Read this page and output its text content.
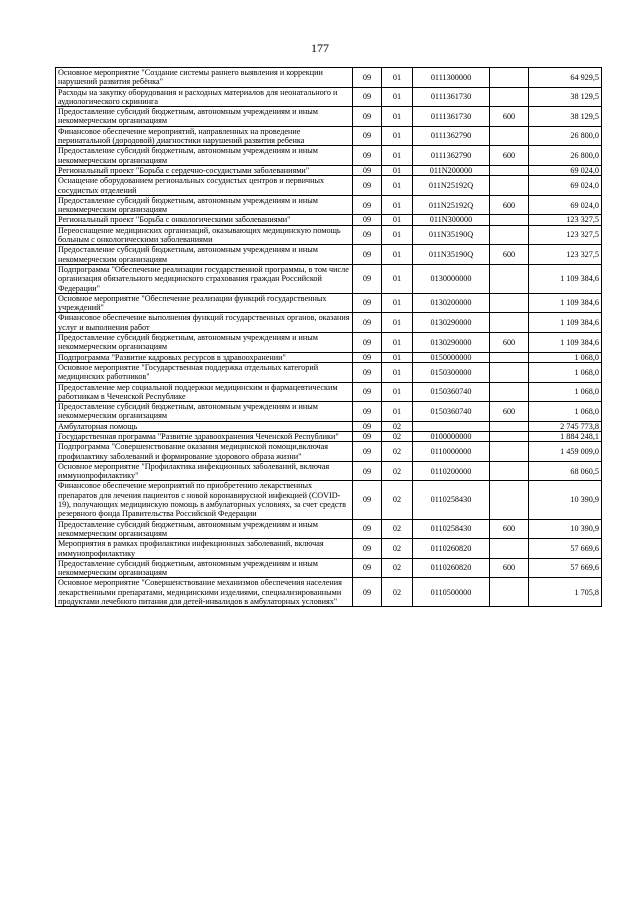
177
Основное мероприятие "Создание системы раннего выявления и коррекции нарушений развития ребёнка"	09	01	0111300000		64 929,5
Расходы на закупку оборудования и расходных материалов для неонатального и аудиологического скрининга	09	01	0111361730		38 129,5
Предоставление субсидий бюджетным, автономным учреждениям и иным некоммерческим организациям	09	01	0111361730	600	38 129,5
Финансовое обеспечение мероприятий, направленных на проведение перинатальной (дородовой) диагностики нарушений развития ребенка	09	01	0111362790		26 800,0
Предоставление субсидий бюджетным, автономным учреждениям и иным некоммерческим организациям	09	01	0111362790	600	26 800,0
Региональный проект "Борьба с сердечно-сосудистыми заболеваниями"	09	01	011N200000		69 024,0
Оснащение оборудованием региональных сосудистых центров и первичных сосудистых отделений	09	01	011N25192Q		69 024,0
Предоставление субсидий бюджетным, автономным учреждениям и иным некоммерческим организациям	09	01	011N25192Q	600	69 024,0
Региональный проект "Борьба с онкологическими заболеваниями"	09	01	011N300000		123 327,5
Переоснащение медицинских организаций, оказывающих медицинскую помощь больным с онкологическими заболеваниями	09	01	011N35190Q		123 327,5
Предоставление субсидий бюджетным, автономным учреждениям и иным некоммерческим организациям	09	01	011N35190Q	600	123 327,5
Подпрограмма "Обеспечение реализации государственной программы, в том числе организация обязательного медицинского страхования граждан Российской Федерации"	09	01	0130000000		1 109 384,6
Основное мероприятие "Обеспечение реализации функций государственных учреждений"	09	01	0130200000		1 109 384,6
Финансовое обеспечение выполнения функций государственных органов, оказания услуг и выполнения работ	09	01	0130290000		1 109 384,6
Предоставление субсидий бюджетным, автономным учреждениям и иным некоммерческим организациям	09	01	0130290000	600	1 109 384,6
Подпрограмма "Развитие кадровых ресурсов в здравоохранении"	09	01	0150000000		1 068,0
Основное мероприятие "Государственная поддержка отдельных категорий медицинских работников"	09	01	0150300000		1 068,0
Предоставление мер социальной поддержки медицинским и фармацевтическим работникам в Чеченской Республике	09	01	0150360740		1 068,0
Предоставление субсидий бюджетным, автономным учреждениям и иным некоммерческим организациям	09	01	0150360740	600	1 068,0
Амбулаторная помощь	09	02			2 745 773,8
Государственная программа "Развитие здравоохранения Чеченской Республики"	09	02	0100000000		1 884 248,1
Подпрограмма "Совершенствование оказания медицинской помощи,включая профилактику заболеваний и формирование здорового образа жизни"	09	02	0110000000		1 459 009,0
Основное мероприятие "Профилактика инфекционных заболеваний, включая иммунопрофилактику"	09	02	0110200000		68 060,5
Финансовое обеспечение мероприятий по приобретению лекарственных препаратов для лечения пациентов с новой коронавирусной инфекцией (COVID-19), получающих медицинскую помощь в амбулаторных условиях, за счет средств резервного фонда Правительства Российской Федерации	09	02	0110258430		10 390,9
Предоставление субсидий бюджетным, автономным учреждениям и иным некоммерческим организациям	09	02	0110258430	600	10 390,9
Мероприятия в рамках профилактики инфекционных заболеваний, включая иммунопрофилактику	09	02	0110260820		57 669,6
Предоставление субсидий бюджетным, автономным учреждениям и иным некоммерческим организациям	09	02	0110260820	600	57 669,6
Основное мероприятие "Совершенствование механизмов обеспечения населения лекарственными препаратами, медицинскими изделиями, специализированными продуктами лечебного питания для детей-инвалидов в амбулаторных условиях"	09	02	0110500000		1 705,8
